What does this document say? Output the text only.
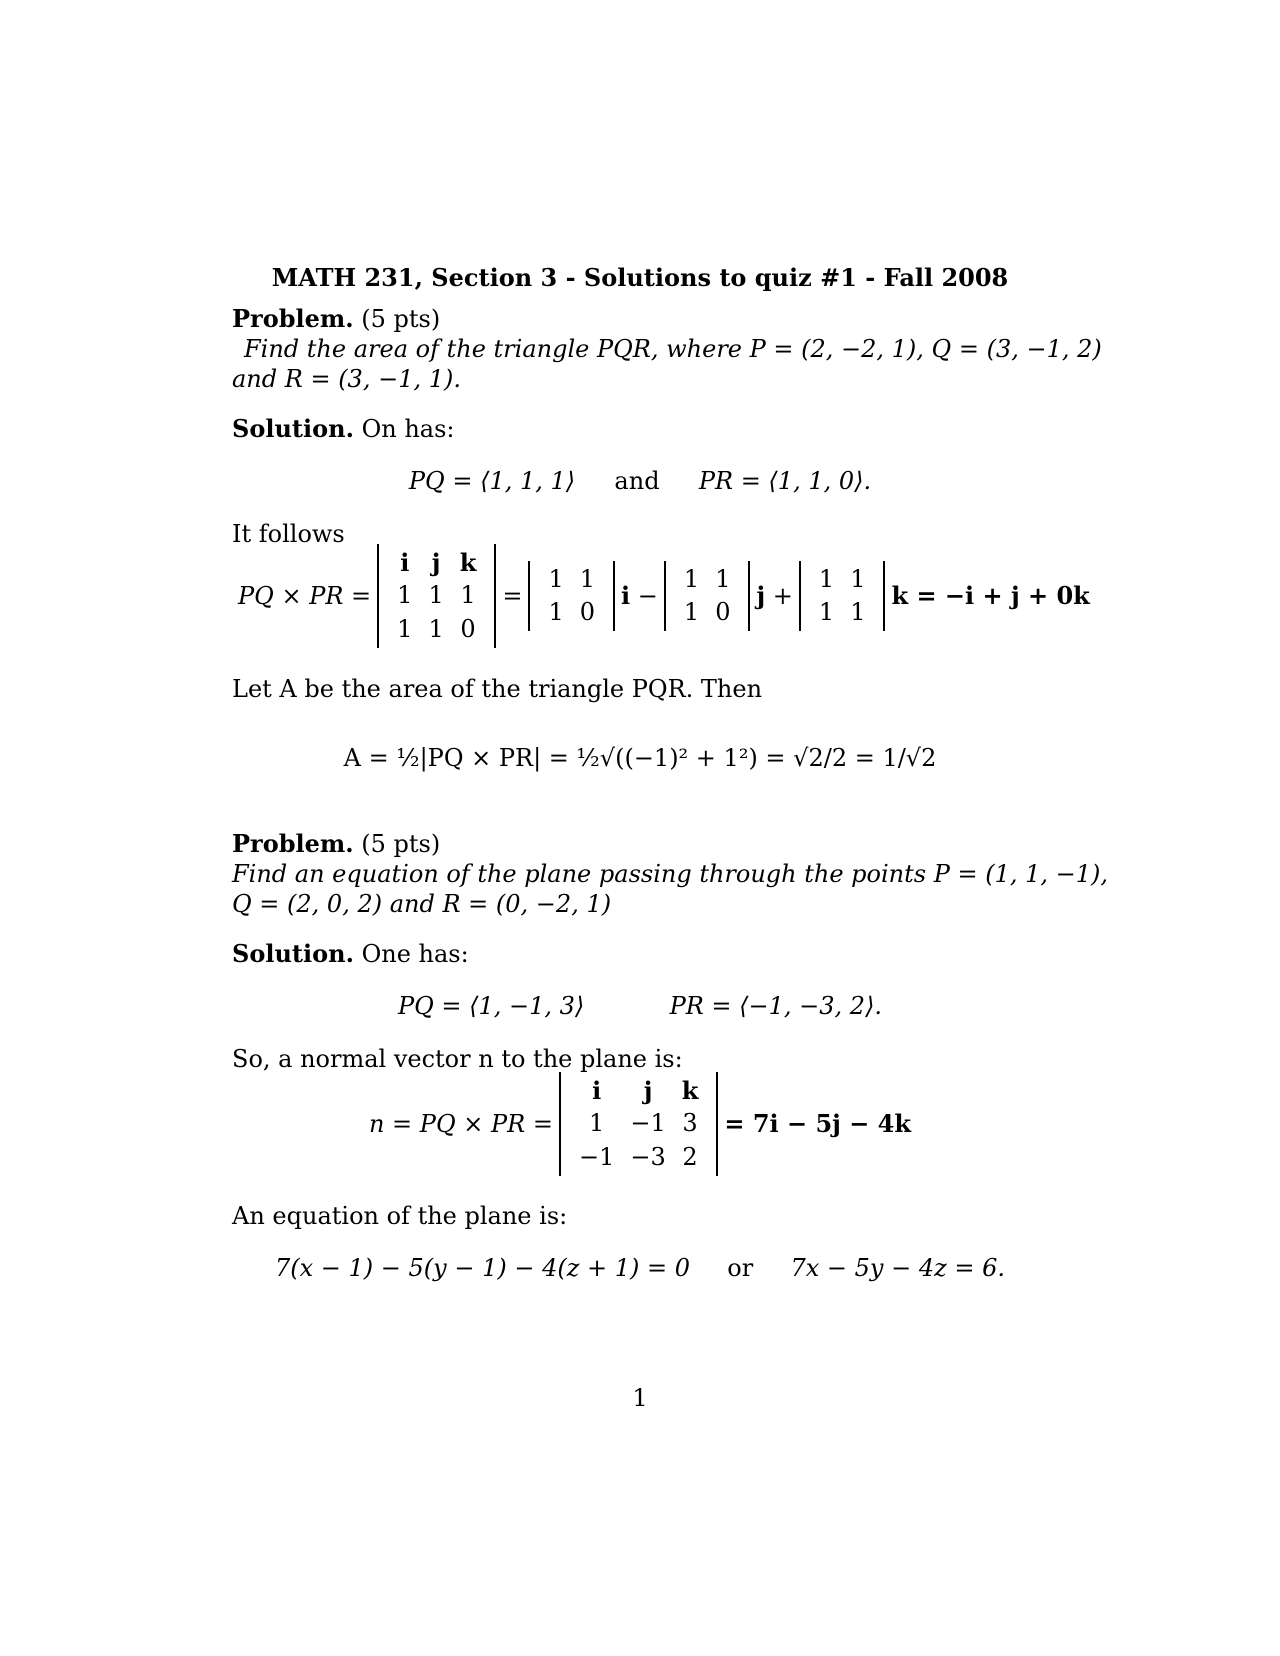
MATH 231, Section 3 - Solutions to quiz #1 - Fall 2008
Problem. (5 pts)
Find the area of the triangle PQR, where P = (2, −2, 1), Q = (3, −1, 2)
and R = (3, −1, 1).
Solution. On has:
PQ = ⟨1, 1, 1⟩ and PR = ⟨1, 1, 0⟩.
It follows
PQ × PR =
i	j	k
1	1	1
1	1	0
=
1	1
1	0
i −
1	1
1	0
j +
1	1
1	1
k = −i + j + 0k
Let A be the area of the triangle PQR. Then
A = ½|PQ × PR| = ½√((−1)² + 1²) = √2/2 = 1/√2
Problem. (5 pts)
Find an equation of the plane passing through the points P = (1, 1, −1),
Q = (2, 0, 2) and R = (0, −2, 1)
Solution. One has:
PQ = ⟨1, −1, 3⟩	PR = ⟨−1, −3, 2⟩.
So, a normal vector n to the plane is:
n = PQ × PR =
i	j	k
1	−1	3
−1	−3	2
= 7i − 5j − 4k
An equation of the plane is:
7(x − 1) − 5(y − 1) − 4(z + 1) = 0 or 7x − 5y − 4z = 6.
1
